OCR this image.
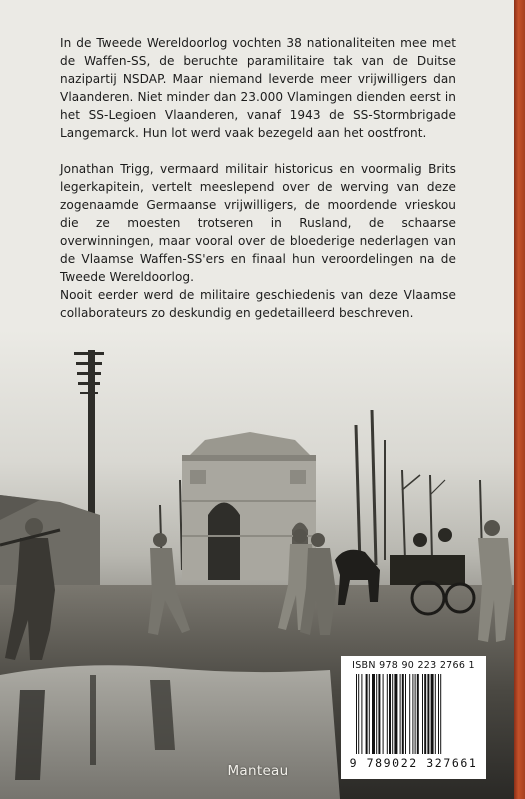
In de Tweede Wereldoorlog vochten 38 nationaliteiten mee met de Waffen-SS, de beruchte paramilitaire tak van de Duitse nazipartij NSDAP. Maar niemand leverde meer vrijwilligers dan Vlaanderen. Niet minder dan 23.000 Vlamingen dienden eerst in het SS-Legioen Vlaanderen, vanaf 1943 de SS-Stormbrigade Langemarck. Hun lot werd vaak bezegeld aan het oostfront.

Jonathan Trigg, vermaard militair historicus en voormalig Brits legerkapitein, vertelt meeslepend over de werving van deze zogenaamde Germaanse vrijwilligers, de moordende vrieskou die ze moesten trotseren in Rusland, de schaarse overwinningen, maar vooral over de bloederige nederlagen van de Vlaamse Waffen-SS'ers en finaal hun veroordelingen na de Tweede Wereldoorlog.

Nooit eerder werd de militaire geschiedenis van deze Vlaamse collaborateurs zo deskundig en gedetailleerd beschreven.

ISBN 978 90 223 2766 1
9 789022 327661
Manteau
